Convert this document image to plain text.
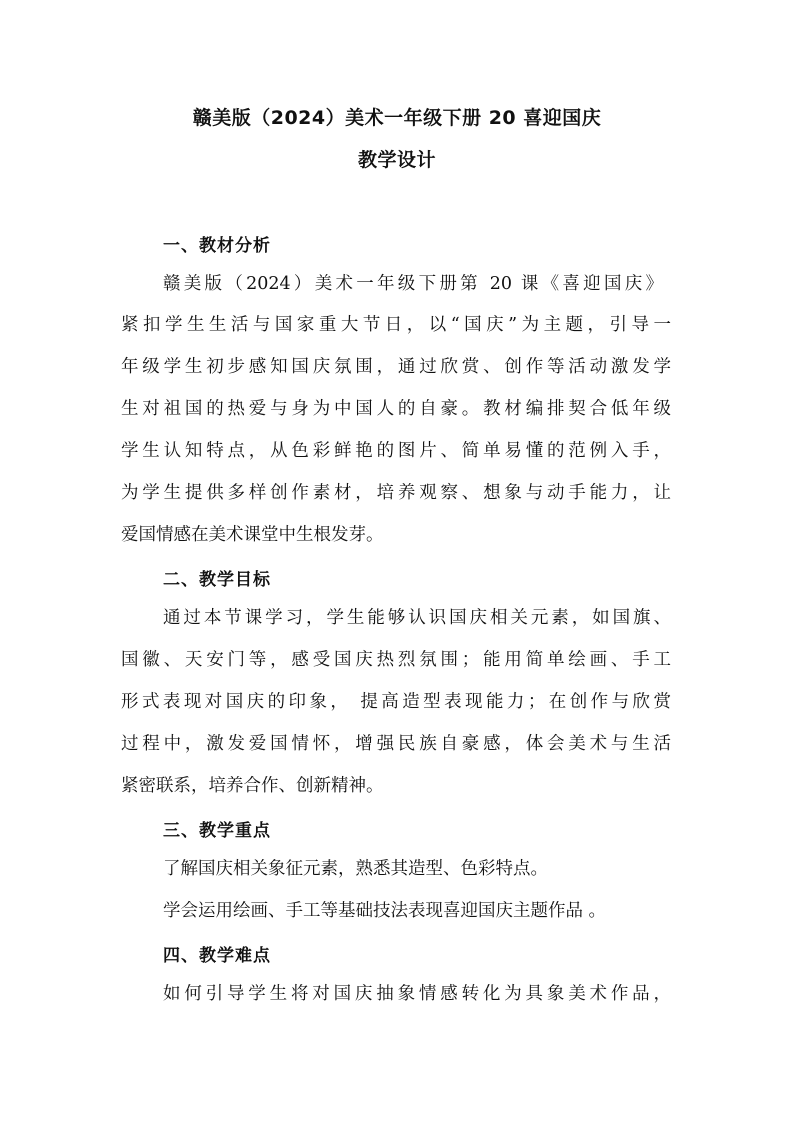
赣美版（2024）美术一年级下册 20 喜迎国庆
教学设计
一、教材分析
赣美版（2024）美术一年级下册第 20 课《喜迎国庆》
紧扣学生生活与国家重大节日，以“国庆”为主题，引导一
年级学生初步感知国庆氛围，通过欣赏、创作等活动激发学
生对祖国的热爱与身为中国人的自豪。教材编排契合低年级
学生认知特点，从色彩鲜艳的图片、简单易懂的范例入手，
为学生提供多样创作素材，培养观察、想象与动手能力，让
爱国情感在美术课堂中生根发芽。
二、教学目标
通过本节课学习，学生能够认识国庆相关元素，如国旗、
国徽、天安门等，感受国庆热烈氛围；能用简单绘画、手工
形式表现对国庆的印象， 提高造型表现能力；在创作与欣赏
过程中，激发爱国情怀，增强民族自豪感，体会美术与生活
紧密联系，培养合作、创新精神。
三、教学重点
了解国庆相关象征元素，熟悉其造型、色彩特点。
学会运用绘画、手工等基础技法表现喜迎国庆主题作品 。
四、教学难点
如何引导学生将对国庆抽象情感转化为具象美术作品，
